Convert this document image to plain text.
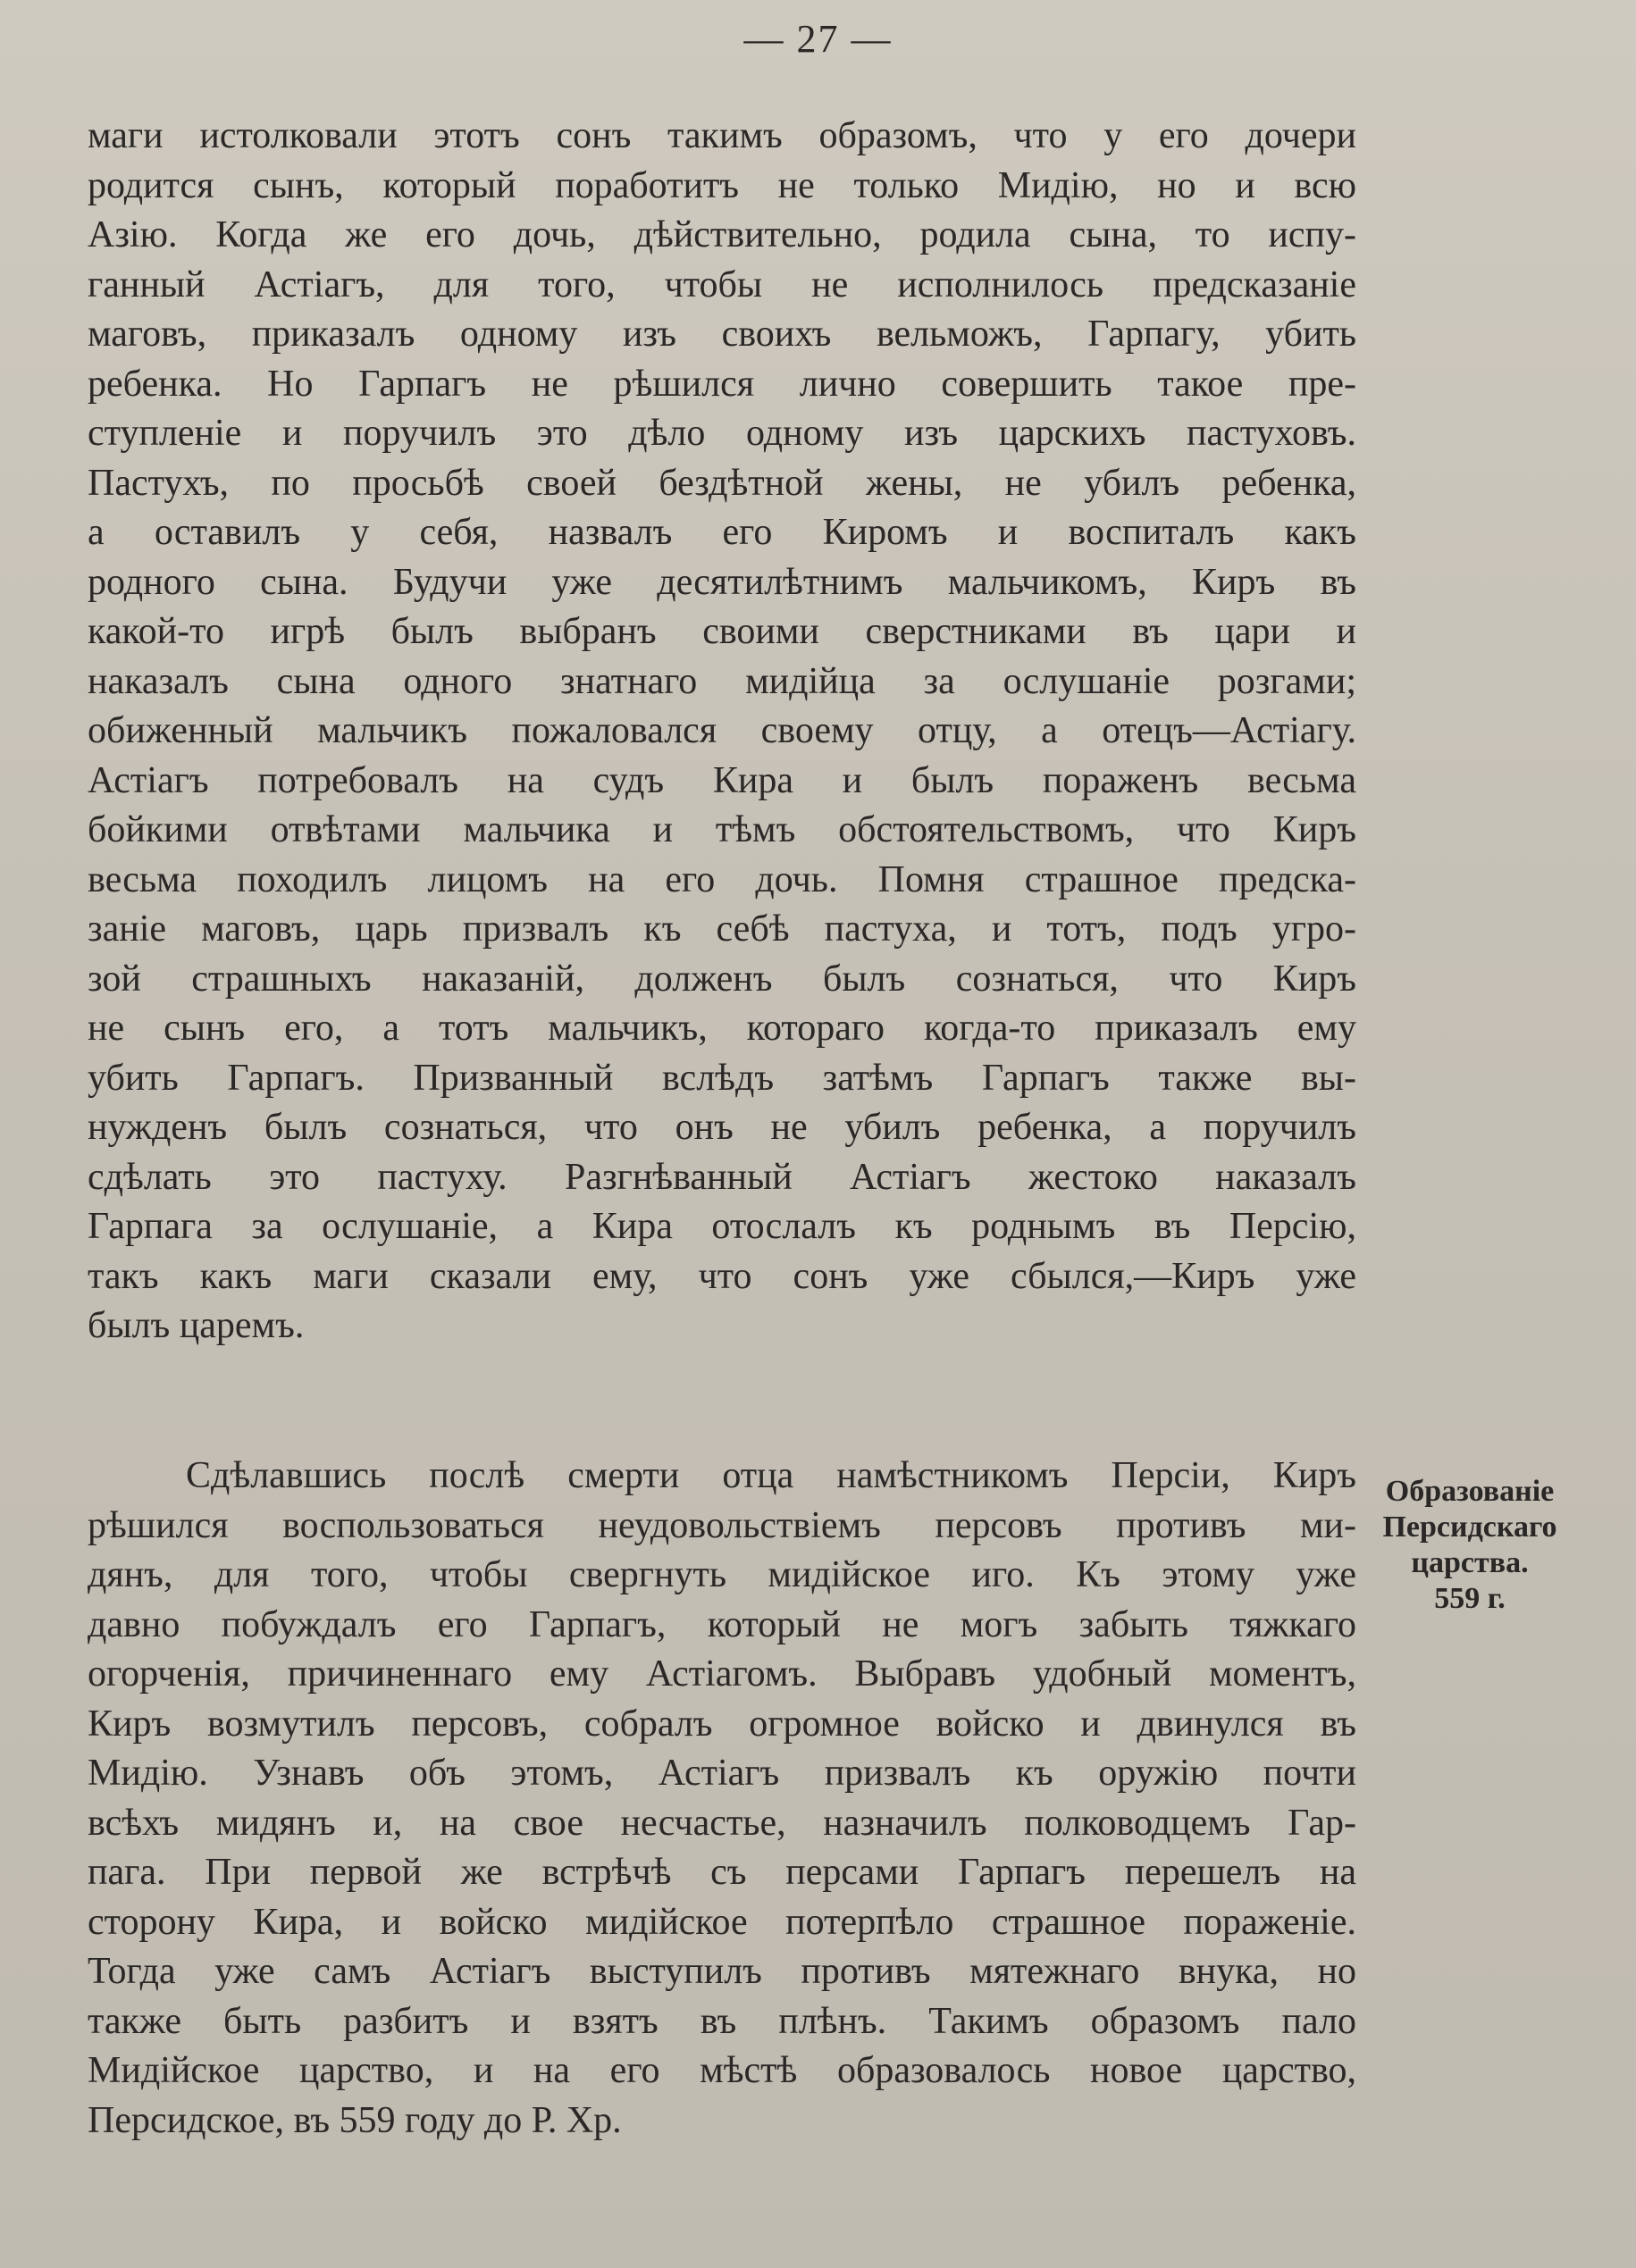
— 27 —
маги истолковали этотъ сонъ такимъ образомъ, что у его дочери
родится сынъ, который поработитъ не только Мидію, но и всю
Азію. Когда же его дочь, дѣйствительно, родила сына, то испу-
ганный Астіагъ, для того, чтобы не исполнилось предсказаніе
маговъ, приказалъ одному изъ своихъ вельможъ, Гарпагу, убить
ребенка. Но Гарпагъ не рѣшился лично совершить такое пре-
ступленіе и поручилъ это дѣло одному изъ царскихъ пастуховъ.
Пастухъ, по просьбѣ своей бездѣтной жены, не убилъ ребенка,
а оставилъ у себя, назвалъ его Киромъ и воспиталъ какъ
родного сына. Будучи уже десятилѣтнимъ мальчикомъ, Киръ въ
какой-то игрѣ былъ выбранъ своими сверстниками въ цари и
наказалъ сына одного знатнаго мидійца за ослушаніе розгами;
обиженный мальчикъ пожаловался своему отцу, а отецъ—Астіагу.
Астіагъ потребовалъ на судъ Кира и былъ пораженъ весьма
бойкими отвѣтами мальчика и тѣмъ обстоятельствомъ, что Киръ
весьма походилъ лицомъ на его дочь. Помня страшное предска-
заніе маговъ, царь призвалъ къ себѣ пастуха, и тотъ, подъ угро-
зой страшныхъ наказаній, долженъ былъ сознаться, что Киръ
не сынъ его, а тотъ мальчикъ, котораго когда-то приказалъ ему
убить Гарпагъ. Призванный вслѣдъ затѣмъ Гарпагъ также вы-
нужденъ былъ сознаться, что онъ не убилъ ребенка, а поручилъ
сдѣлать это пастуху. Разгнѣванный Астіагъ жестоко наказалъ
Гарпага за ослушаніе, а Кира отослалъ къ роднымъ въ Персію,
такъ какъ маги сказали ему, что сонъ уже сбылся,—Киръ уже
былъ царемъ.
Сдѣлавшись послѣ смерти отца намѣстникомъ Персіи, Киръ
рѣшился воспользоваться неудовольствіемъ персовъ противъ ми-
дянъ, для того, чтобы свергнуть мидійское иго. Къ этому уже
давно побуждалъ его Гарпагъ, который не могъ забыть тяжкаго
огорченія, причиненнаго ему Астіагомъ. Выбравъ удобный моментъ,
Киръ возмутилъ персовъ, собралъ огромное войско и двинулся въ
Мидію. Узнавъ объ этомъ, Астіагъ призвалъ къ оружію почти
всѣхъ мидянъ и, на свое несчастье, назначилъ полководцемъ Гар-
пага. При первой же встрѣчѣ съ персами Гарпагъ перешелъ на
сторону Кира, и войско мидійское потерпѣло страшное пораженіе.
Тогда уже самъ Астіагъ выступилъ противъ мятежнаго внука, но
также быть разбитъ и взятъ въ плѣнъ. Такимъ образомъ пало
Мидійское царство, и на его мѣстѣ образовалось новое царство,
Персидское, въ 559 году до Р. Хр.
Образованіе
Персидскаго
царства.
559 г.
